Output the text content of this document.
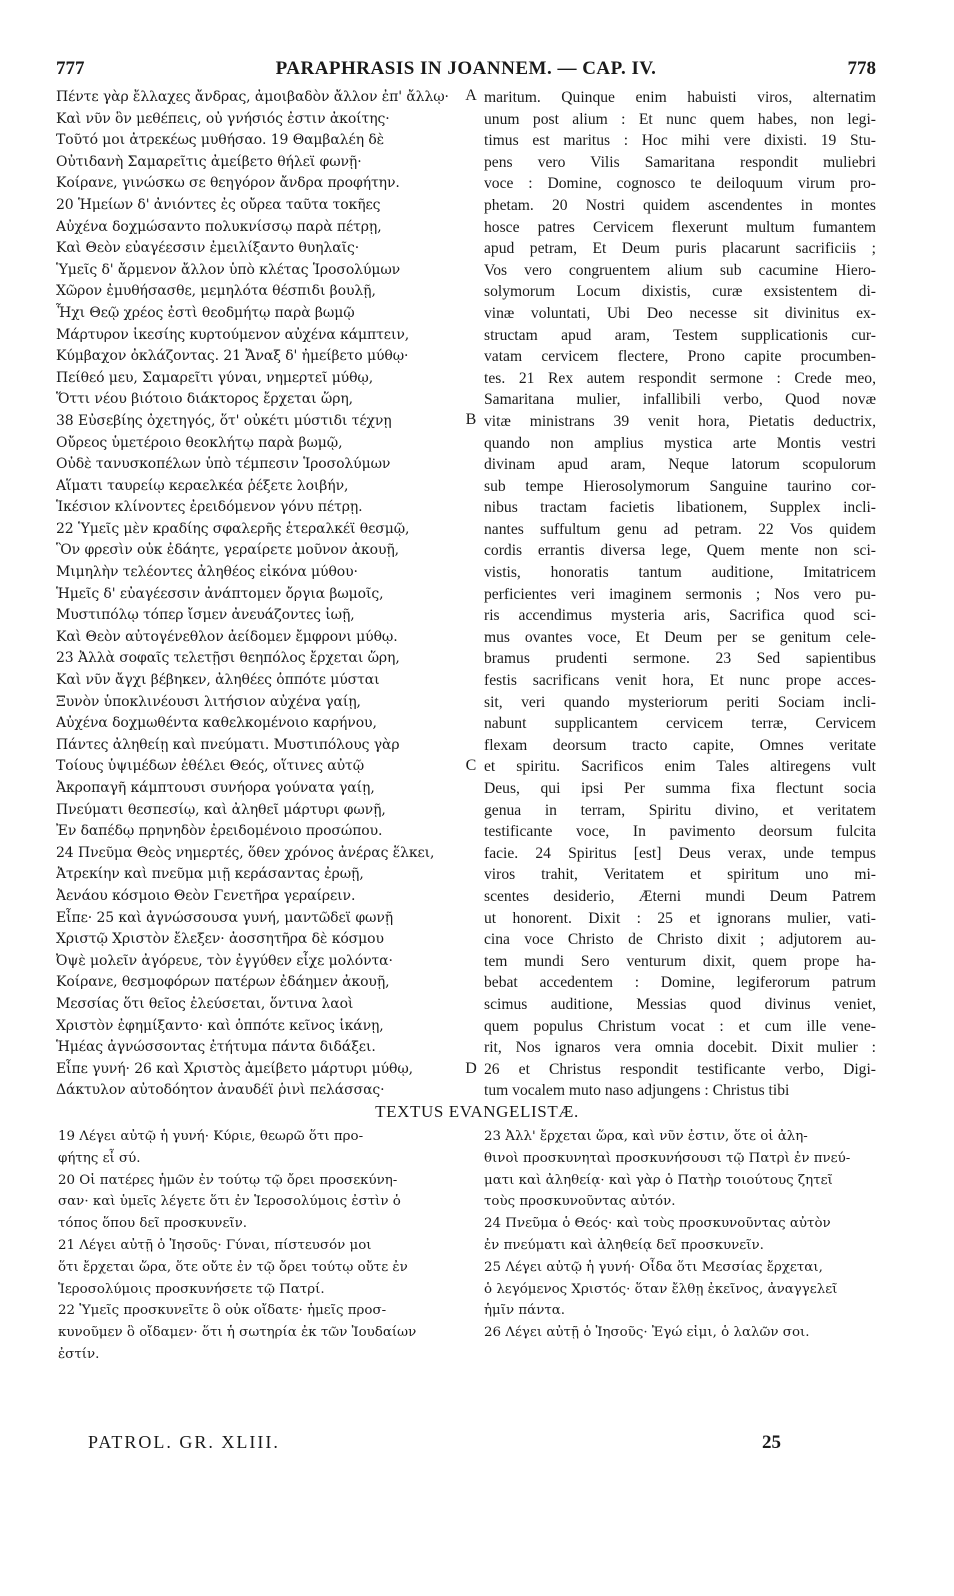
777	PARAPHRASIS IN JOANNEM. — CAP. IV.	778
Πέντε γὰρ ἔλλαχες ἄνδρας, ἀμοιβαδὸν ἄλλον ἐπ' ἄλλῳ·
Καὶ νῦν ὃν μεθέπεις, οὐ γνήσιός ἐστιν ἀκοίτης·
Τοῦτό μοι ἀτρεκέως μυθήσαο. 19 Θαμβαλέη δὲ
Οὐτιδανὴ Σαμαρεῖτις ἀμείβετο θήλεϊ φωνῇ·
Κοίρανε, γινώσκω σε θεηγόρον ἄνδρα προφήτην.
20 Ἡμείων δ' ἀνιόντες ἐς οὔρεα ταῦτα τοκῆες
Αὐχένα δοχμώσαντο πολυκνίσσῳ παρὰ πέτρῃ,
Καὶ Θεὸν εὐαγέεσσιν ἐμειλίξαντο θυηλαῖς·
Ὑμεῖς δ' ἄρμενον ἄλλον ὑπὸ κλέτας Ἱροσολύμων
Χῶρον ἐμυθήσασθε, μεμηλότα θέσπιδι βουλῇ,
Ἧχι Θεῷ χρέος ἐστὶ θεοδμήτῳ παρὰ βωμῷ
Μάρτυρον ἱκεσίης κυρτούμενον αὐχένα κάμπτειν,
Κύμβαχον ὀκλάζοντας. 21 Ἄναξ δ' ἠμείβετο μύθῳ·
Πείθεό μευ, Σαμαρεῖτι γύναι, νημερτεῖ μύθῳ,
Ὅττι νέου βιότοιο διάκτορος ἔρχεται ὥρη,
38 Εὐσεβίης ὀχετηγός, ὅτ' οὐκέτι μύστιδι τέχνῃ
Οὔρεος ὑμετέροιο θεοκλήτῳ παρὰ βωμῷ,
Οὐδὲ τανυσκοπέλων ὑπὸ τέμπεσιν Ἱροσολύμων
Αἵματι ταυρείῳ κεραελκέα ῥέξετε λοιβήν,
Ἱκέσιον κλίνοντες ἐρειδόμενον γόνυ πέτρῃ.
22 Ὑμεῖς μὲν κραδίης σφαλερῆς ἑτεραλκέϊ θεσμῷ,
Ὃν φρεσὶν οὐκ ἐδάητε, γεραίρετε μοῦνον ἀκουῇ,
Μιμηλὴν τελέοντες ἀληθέος εἰκόνα μύθου·
Ἡμεῖς δ' εὐαγέεσσιν ἀνάπτομεν ὄργια βωμοῖς,
Μυστιπόλῳ τόπερ ἴσμεν ἀνευάζοντες ἰωῇ,
Καὶ Θεὸν αὐτογένεθλον ἀείδομεν ἔμφρονι μύθῳ.
23 Ἀλλὰ σοφαῖς τελετῇσι θεηπόλος ἔρχεται ὥρη,
Καὶ νῦν ἄγχι βέβηκεν, ἀληθέες ὁππότε μύσται
Ξυνὸν ὑποκλινέουσι λιτήσιον αὐχένα γαίῃ,
Αὐχένα δοχμωθέντα καθελκομένοιο καρήνου,
Πάντες ἀληθείῃ καὶ πνεύματι. Μυστιπόλους γὰρ
Τοίους ὑψιμέδων ἐθέλει Θεός, οἵτινες αὐτῷ
Ἀκροπαγῆ κάμπτουσι συνήορα γούνατα γαίῃ,
Πνεύματι θεσπεσίῳ, καὶ ἀληθεῖ μάρτυρι φωνῇ,
Ἐν δαπέδῳ πρηνηδὸν ἐρειδομένοιο προσώπου.
24 Πνεῦμα Θεὸς νημερτές, ὅθεν χρόνος ἀνέρας ἕλκει,
Ἀτρεκίην καὶ πνεῦμα μιῇ κεράσαντας ἐρωῇ,
Ἀενάου κόσμοιο Θεὸν Γενετῆρα γεραίρειν.
Εἶπε· 25 καὶ ἀγνώσσουσα γυνή, μαντῶδεϊ φωνῇ
Χριστῷ Χριστὸν ἔλεξεν· ἀοσσητῆρα δὲ κόσμου
Ὀψὲ μολεῖν ἀγόρευε, τὸν ἐγγύθεν εἶχε μολόντα·
Κοίρανε, θεσμοφόρων πατέρων ἐδάημεν ἀκουῇ,
Μεσσίας ὅτι θεῖος ἐλεύσεται, ὅντινα λαοὶ
Χριστὸν ἐφημίξαντο· καὶ ὁππότε κεῖνος ἱκάνῃ,
Ἡμέας ἀγνώσσοντας ἐτήτυμα πάντα διδάξει.
Εἶπε γυνή· 26 καὶ Χριστὸς ἀμείβετο μάρτυρι μύθῳ,
Δάκτυλον αὐτοδόητον ἀναυδέϊ ῥινὶ πελάσσας·
maritum. Quinque enim habuisti viros, alternatim
unum post alium : Et nunc quem habes, non legi-
timus est maritus : Hoc mihi vere dixisti. 19 Stu-
pens vero Vilis Samaritana respondit muliebri
voce : Domine, cognosco te deiloquum virum pro-
phetam. 20 Nostri quidem ascendentes in montes
hosce patres Cervicem flexerunt multum fumantem
apud petram, Et Deum puris placarunt sacrificiis ;
Vos vero congruentem alium sub cacumine Hiero-
solymorum Locum dixistis, curæ exsistentem di-
vinæ voluntati, Ubi Deo necesse sit divinitus ex-
structam apud aram, Testem supplicationis cur-
vatam cervicem flectere, Prono capite procumben-
tes. 21 Rex autem respondit sermone : Crede meo,
Samaritana mulier, infallibili verbo, Quod novæ
vitæ ministrans 39 venit hora, Pietatis deductrix,
quando non amplius mystica arte Montis vestri
divinam apud aram, Neque latorum scopulorum
sub tempe Hierosolymorum Sanguine taurino cor-
nibus tractam facietis libationem, Supplex incli-
nantes suffultum genu ad petram. 22 Vos quidem
cordis errantis diversa lege, Quem mente non sci-
vistis, honoratis tantum auditione, Imitatricem
perficientes veri imaginem sermonis ; Nos vero pu-
ris accendimus mysteria aris, Sacrifica quod sci-
mus ovantes voce, Et Deum per se genitum cele-
bramus prudenti sermone. 23 Sed sapientibus
festis sacrificans venit hora, Et nunc prope acces-
sit, veri quando mysteriorum periti Sociam incli-
nabunt supplicantem cervicem terræ, Cervicem
flexam deorsum tracto capite, Omnes veritate
et spiritu. Sacrificos enim Tales altiregens vult
Deus, qui ipsi Per summa fixa flectunt socia
genua in terram, Spiritu divino, et veritatem
testificante voce, In pavimento deorsum fulcita
facie. 24 Spiritus [est] Deus verax, unde tempus
viros trahit, Veritatem et spiritum uno mi-
scentes desiderio, Æterni mundi Deum Patrem
ut honorent. Dixit : 25 et ignorans mulier, vati-
cina voce Christo de Christo dixit ; adjutorem au-
tem mundi Sero venturum dixit, quem prope ha-
bebat accedentem : Domine, legiferorum patrum
scimus auditione, Messias quod divinus veniet,
quem populus Christum vocat : et cum ille vene-
rit, Nos ignaros vera omnia docebit. Dixit mulier :
26 et Christus respondit testificante verbo, Digi-
tum vocalem muto naso adjungens : Christus tibi
A
B
C
D
TEXTUS EVANGELISTÆ.
19 Λέγει αὐτῷ ἡ γυνή· Κύριε, θεωρῶ ὅτι προ-
φήτης εἶ σύ.
20 Οἱ πατέρες ἡμῶν ἐν τούτῳ τῷ ὄρει προσεκύνη-
σαν· καὶ ὑμεῖς λέγετε ὅτι ἐν Ἱεροσολύμοις ἐστὶν ὁ
τόπος ὅπου δεῖ προσκυνεῖν.
21 Λέγει αὐτῇ ὁ Ἰησοῦς· Γύναι, πίστευσόν μοι
ὅτι ἔρχεται ὥρα, ὅτε οὔτε ἐν τῷ ὄρει τούτῳ οὔτε ἐν
Ἱεροσολύμοις προσκυνήσετε τῷ Πατρί.
22 Ὑμεῖς προσκυνεῖτε ὃ οὐκ οἴδατε· ἡμεῖς προσ-
κυνοῦμεν ὃ οἴδαμεν· ὅτι ἡ σωτηρία ἐκ τῶν Ἰουδαίων
ἐστίν.
23 Ἀλλ' ἔρχεται ὥρα, καὶ νῦν ἐστιν, ὅτε οἱ ἀλη-
θινοὶ προσκυνηταὶ προσκυνήσουσι τῷ Πατρὶ ἐν πνεύ-
ματι καὶ ἀληθείᾳ· καὶ γὰρ ὁ Πατὴρ τοιούτους ζητεῖ
τοὺς προσκυνοῦντας αὐτόν.
24 Πνεῦμα ὁ Θεός· καὶ τοὺς προσκυνοῦντας αὐτὸν
ἐν πνεύματι καὶ ἀληθείᾳ δεῖ προσκυνεῖν.
25 Λέγει αὐτῷ ἡ γυνή· Οἶδα ὅτι Μεσσίας ἔρχεται,
ὁ λεγόμενος Χριστός· ὅταν ἔλθῃ ἐκεῖνος, ἀναγγελεῖ
ἡμῖν πάντα.
26 Λέγει αὐτῇ ὁ Ἰησοῦς· Ἐγώ εἰμι, ὁ λαλῶν σοι.
PATROL. GR. XLIII.	25
